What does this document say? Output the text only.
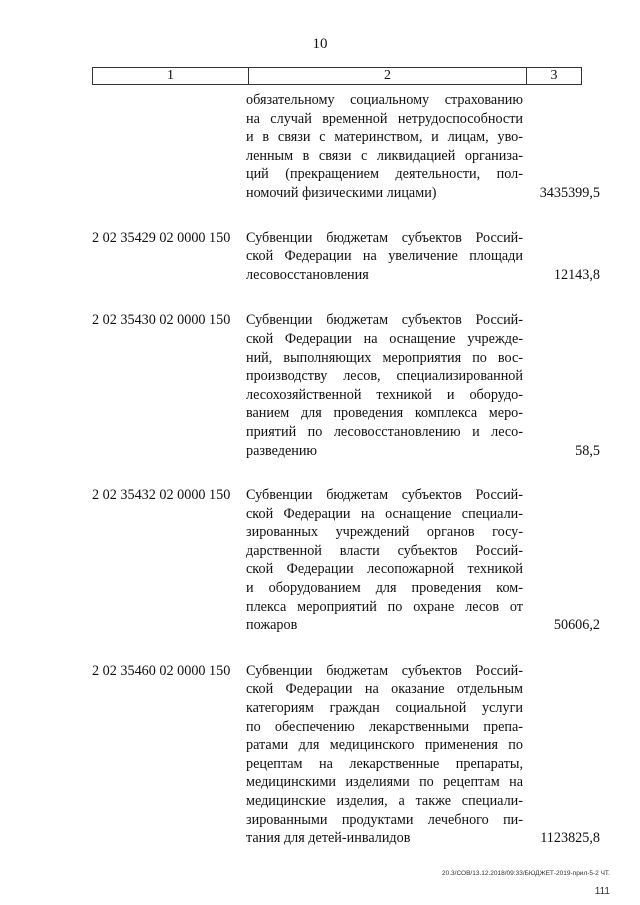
10
1	2	3
обязательному социальному страхованию
на случай временной нетрудоспособности
и в связи с материнством, и лицам, уво-
ленным в связи с ликвидацией организа-
ций (прекращением деятельности, пол-
номочий физическими лицами)	3435399,5
2 02 35429 02 0000 150 Субвенции бюджетам субъектов Россий-
ской Федерации на увеличение площади
лесовосстановления	12143,8
2 02 35430 02 0000 150 Субвенции бюджетам субъектов Россий-
ской Федерации на оснащение учрежде-
ний, выполняющих мероприятия по вос-
производству лесов, специализированной
лесохозяйственной техникой и оборудо-
ванием для проведения комплекса меро-
приятий по лесовосстановлению и лесо-
разведению	58,5
2 02 35432 02 0000 150 Субвенции бюджетам субъектов Россий-
ской Федерации на оснащение специали-
зированных учреждений органов госу-
дарственной власти субъектов Россий-
ской Федерации лесопожарной техникой
и оборудованием для проведения ком-
плекса мероприятий по охране лесов от
пожаров	50606,2
2 02 35460 02 0000 150 Субвенции бюджетам субъектов Россий-
ской Федерации на оказание отдельным
категориям граждан социальной услуги
по обеспечению лекарственными препа-
ратами для медицинского применения по
рецептам на лекарственные препараты,
медицинскими изделиями по рецептам на
медицинские изделия, а также специали-
зированными продуктами лечебного пи-
тания для детей-инвалидов	1123825,8
20.3/СОВ/13.12.2018/09:33/БЮДЖЕТ-2019-прил-5-2 ЧТ.
111
